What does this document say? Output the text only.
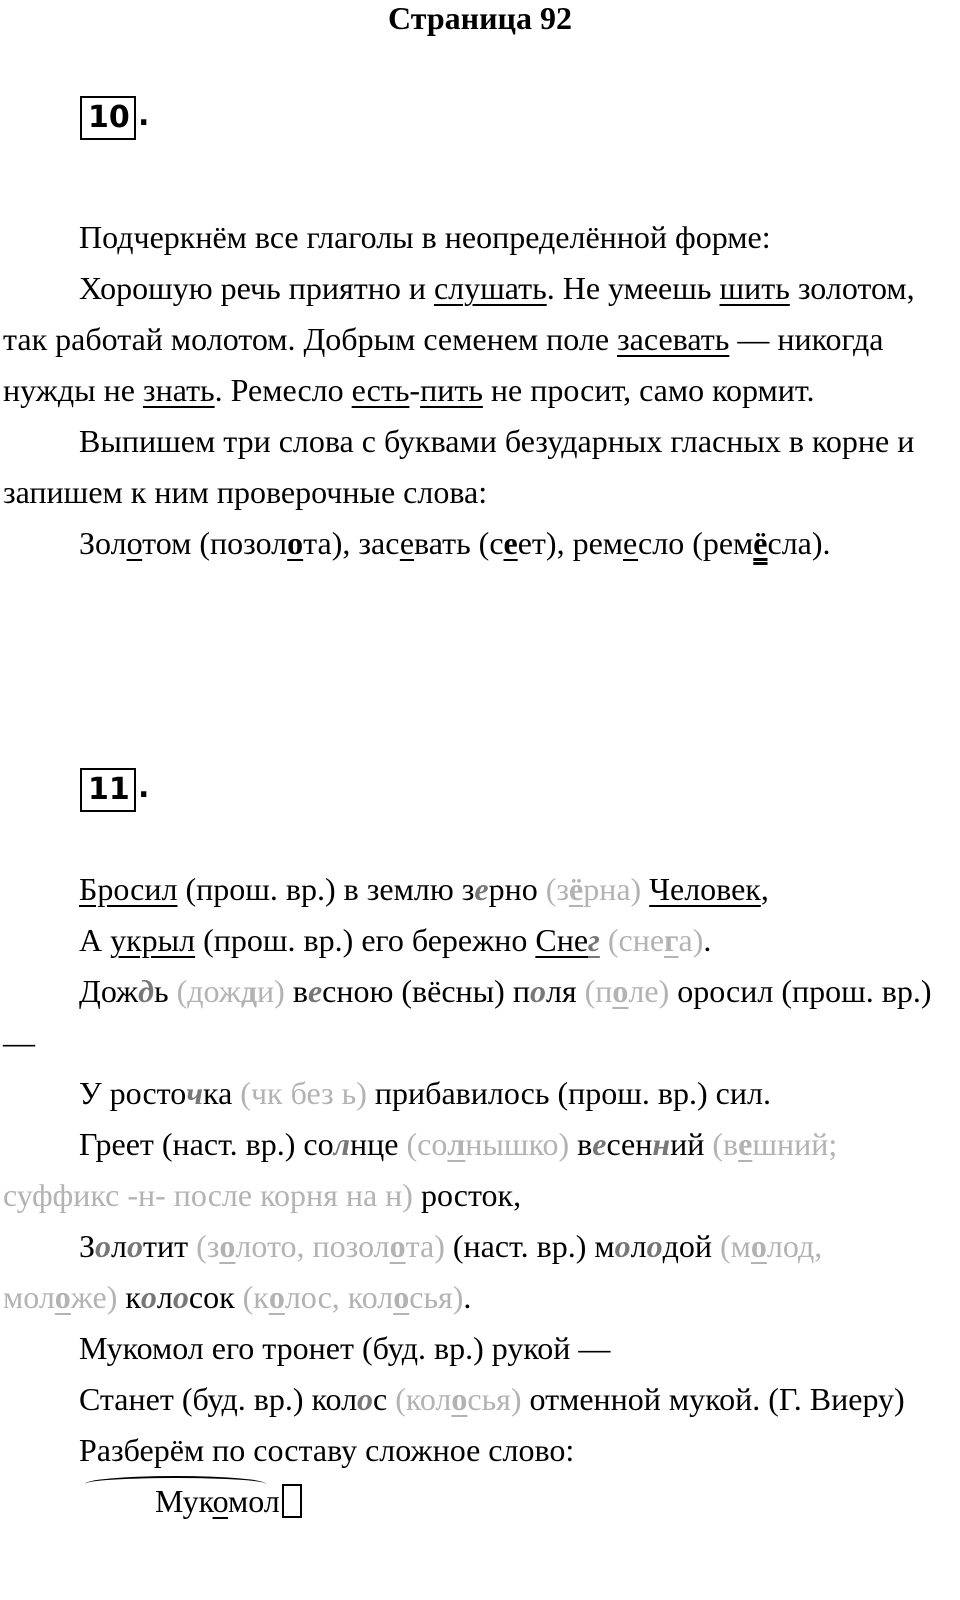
Страница 92
10 .

Подчеркнём все глаголы в неопределённой форме:

Хорошую речь приятно и слушать. Не умеешь шить золотом, так работай молотом. Добрым семенем поле засевать — никогда нужды не знать. Ремесло есть-пить не просит, само кормит.

Выпишем три слова с буквами безударных гласных в корне и запишем к ним проверочные слова:

Золотом (позолота), засевать (сеет), ремесло (ремёсла).

11 .

Бросил (прош. вр.) в землю зерно (зёрна) Человек,

А укрыл (прош. вр.) его бережно Снег (снега).

Дождь (дожди) весною (вёсны) поля (поле) оросил (прош. вр.) —

У росточка (чк без ь) прибавилось (прош. вр.) сил.

Греет (наст. вр.) солнце (солнышко) весенний (вешний; суффикс -н- после корня на н) росток,

Золотит (золото, позолота) (наст. вр.) молодой (молод, моложе) колосок (колос, колосья).

Мукомол его тронет (буд. вр.) рукой —

Станет (буд. вр.) колос (колосья) отменной мукой. (Г. Виеру)

Разберём по составу сложное слово:

Мукомол
